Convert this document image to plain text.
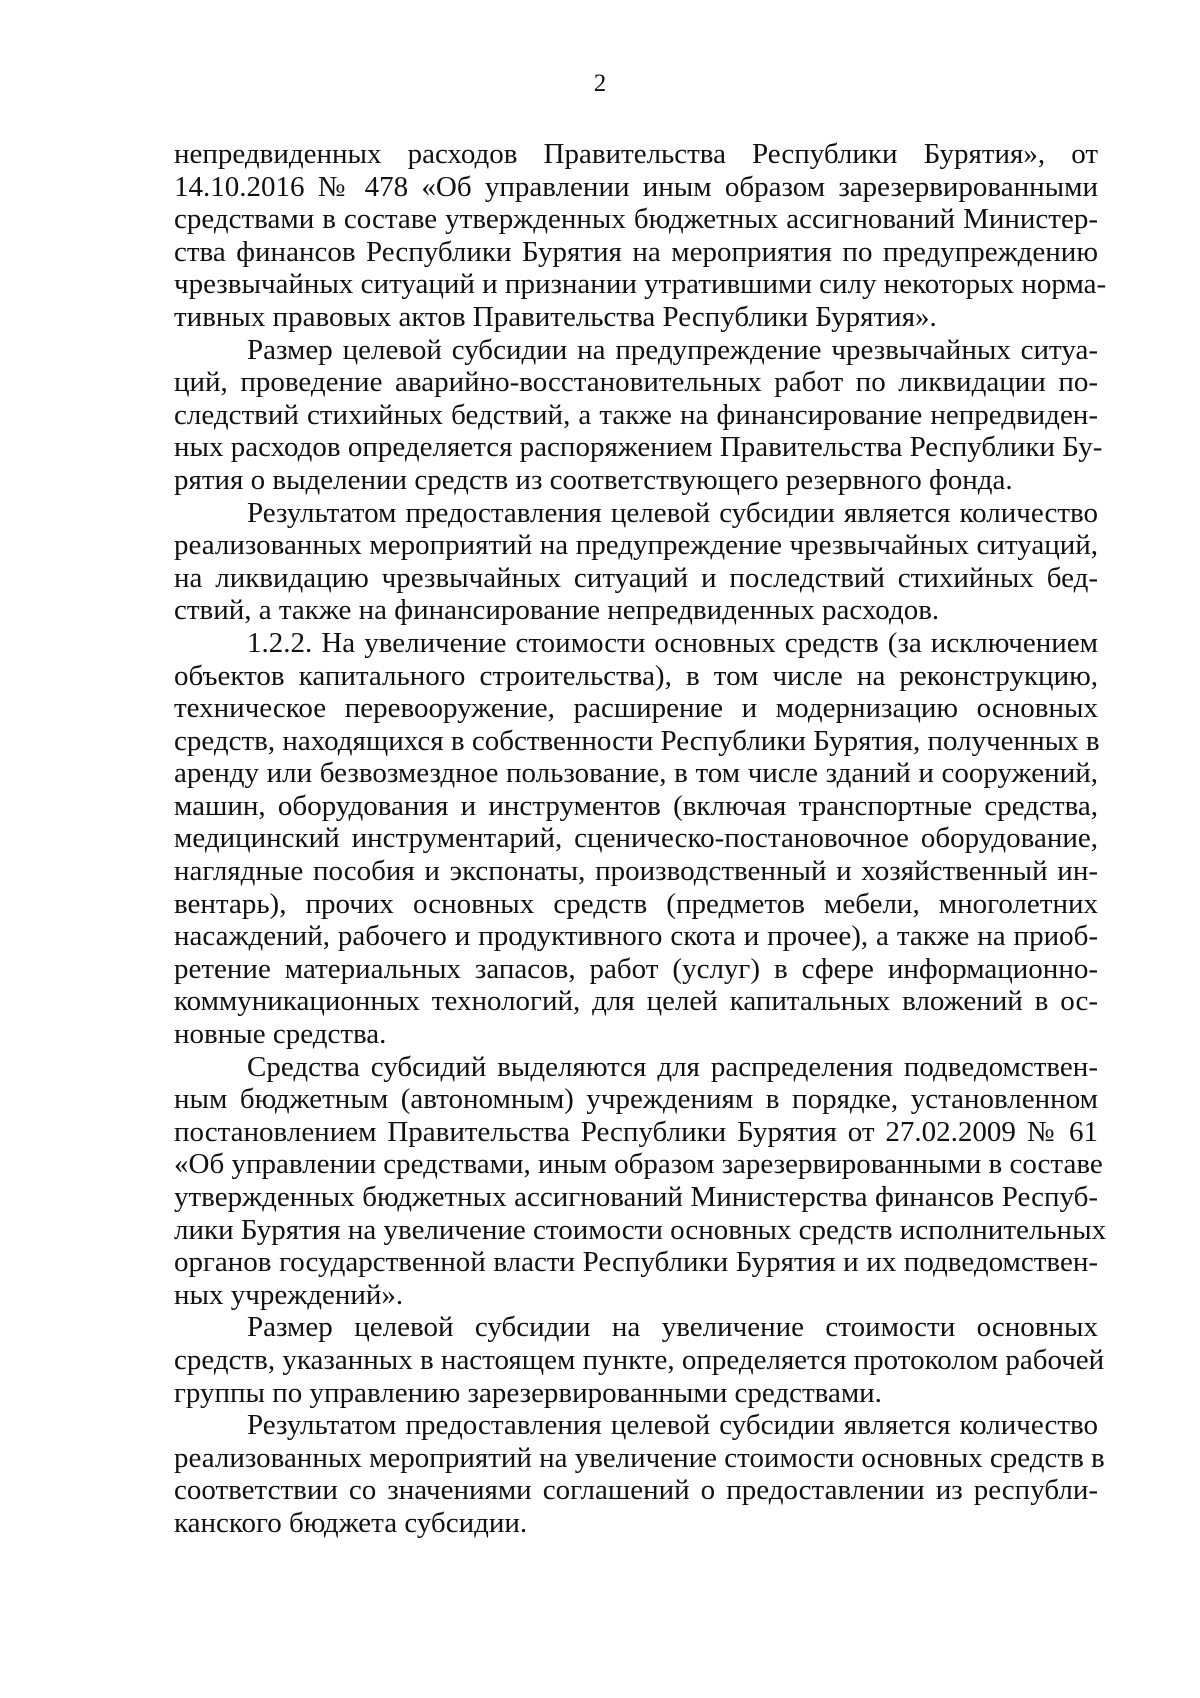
2
непредвиденных расходов Правительства Республики Бурятия», от
14.10.2016 № 478 «Об управлении иным образом зарезервированными
средствами в составе утвержденных бюджетных ассигнований Министер-
ства финансов Республики Бурятия на мероприятия по предупреждению
чрезвычайных ситуаций и признании утратившими силу некоторых норма-
тивных правовых актов Правительства Республики Бурятия».
Размер целевой субсидии на предупреждение чрезвычайных ситуа-
ций, проведение аварийно-восстановительных работ по ликвидации по-
следствий стихийных бедствий, а также на финансирование непредвиден-
ных расходов определяется распоряжением Правительства Республики Бу-
рятия о выделении средств из соответствующего резервного фонда.
Результатом предоставления целевой субсидии является количество
реализованных мероприятий на предупреждение чрезвычайных ситуаций,
на ликвидацию чрезвычайных ситуаций и последствий стихийных бед-
ствий, а также на финансирование непредвиденных расходов.
1.2.2. На увеличение стоимости основных средств (за исключением
объектов капитального строительства), в том числе на реконструкцию,
техническое перевооружение, расширение и модернизацию основных
средств, находящихся в собственности Республики Бурятия, полученных в
аренду или безвозмездное пользование, в том числе зданий и сооружений,
машин, оборудования и инструментов (включая транспортные средства,
медицинский инструментарий, сценическо-постановочное оборудование,
наглядные пособия и экспонаты, производственный и хозяйственный ин-
вентарь), прочих основных средств (предметов мебели, многолетних
насаждений, рабочего и продуктивного скота и прочее), а также на приоб-
ретение материальных запасов, работ (услуг) в сфере информационно-
коммуникационных технологий, для целей капитальных вложений в ос-
новные средства.
Средства субсидий выделяются для распределения подведомствен-
ным бюджетным (автономным) учреждениям в порядке, установленном
постановлением Правительства Республики Бурятия от 27.02.2009 № 61
«Об управлении средствами, иным образом зарезервированными в составе
утвержденных бюджетных ассигнований Министерства финансов Респуб-
лики Бурятия на увеличение стоимости основных средств исполнительных
органов государственной власти Республики Бурятия и их подведомствен-
ных учреждений».
Размер целевой субсидии на увеличение стоимости основных
средств, указанных в настоящем пункте, определяется протоколом рабочей
группы по управлению зарезервированными средствами.
Результатом предоставления целевой субсидии является количество
реализованных мероприятий на увеличение стоимости основных средств в
соответствии со значениями соглашений о предоставлении из республи-
канского бюджета субсидии.
